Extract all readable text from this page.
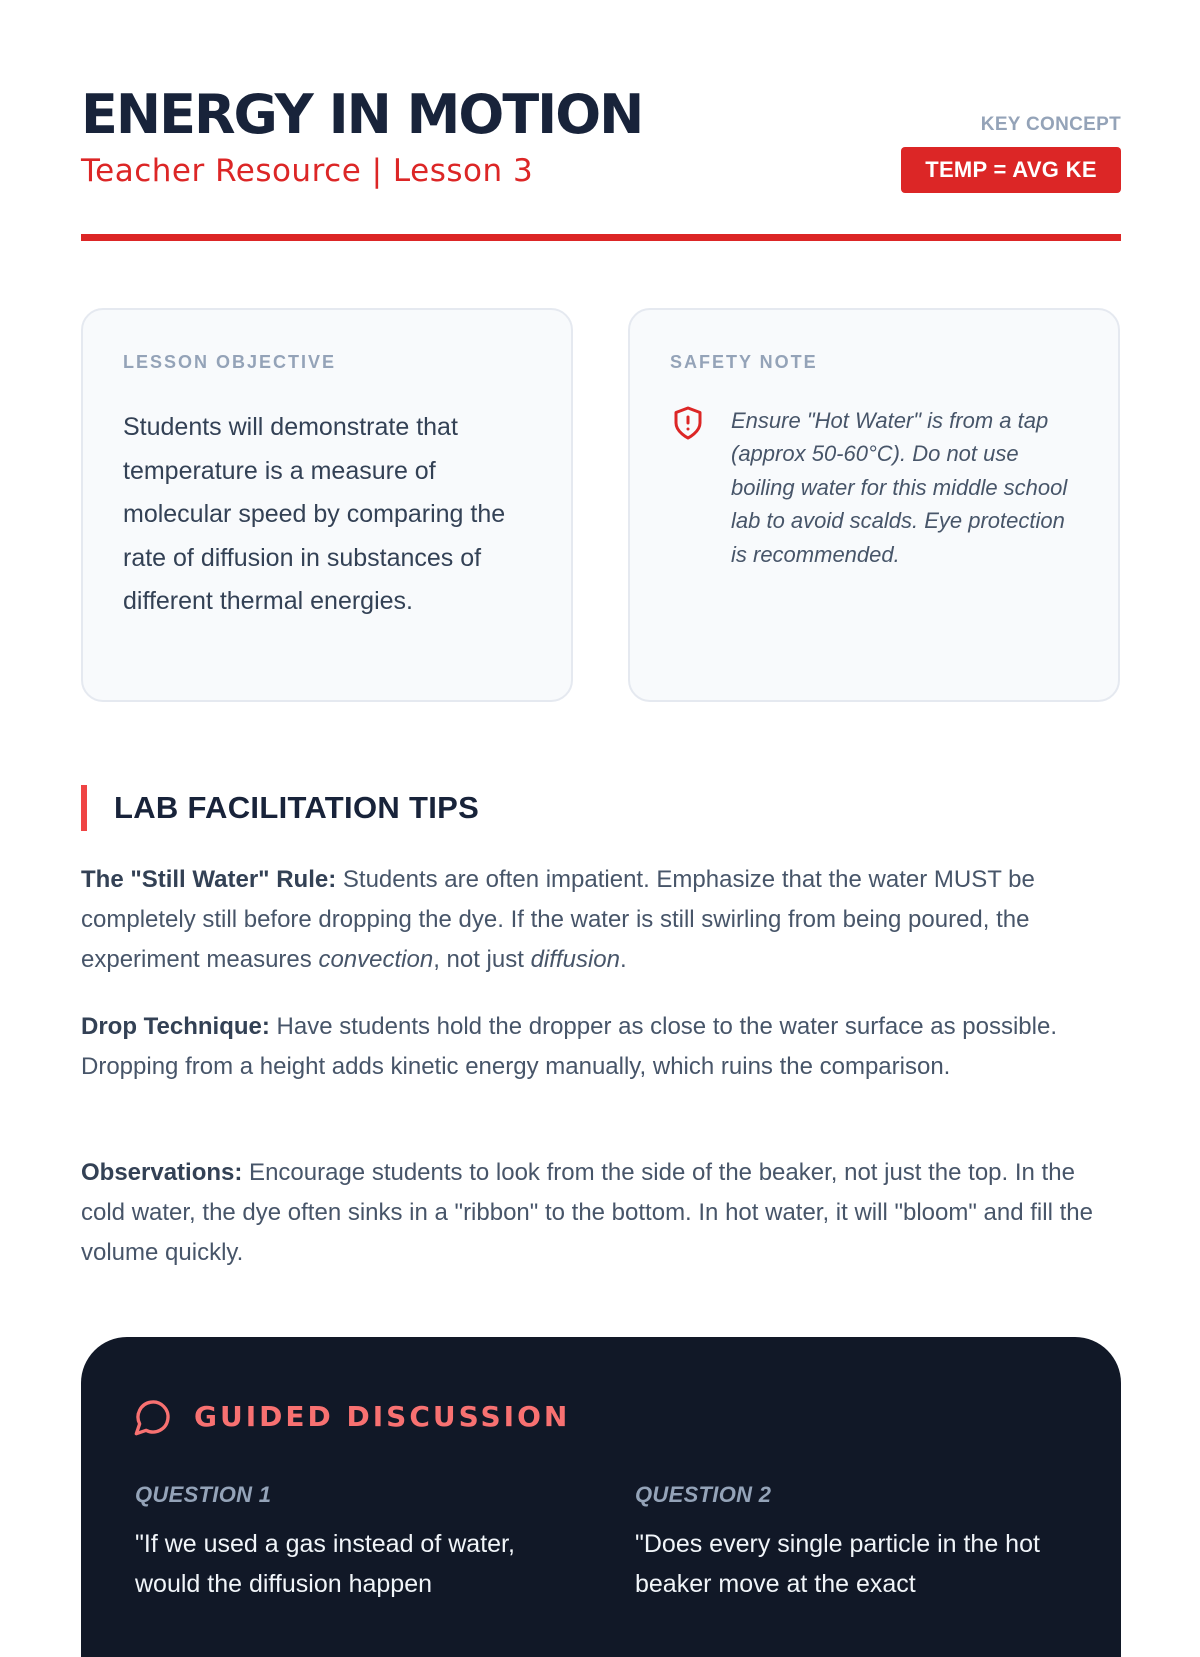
ENERGY IN MOTION
Teacher Resource | Lesson 3
KEY CONCEPT
TEMP = AVG KE
LESSON OBJECTIVE
Students will demonstrate that temperature is a measure of molecular speed by comparing the rate of diffusion in substances of different thermal energies.
SAFETY NOTE
Ensure "Hot Water" is from a tap (approx 50-60°C). Do not use boiling water for this middle school lab to avoid scalds. Eye protection is recommended.
LAB FACILITATION TIPS

The "Still Water" Rule: Students are often impatient. Emphasize that the water MUST be completely still before dropping the dye. If the water is still swirling from being poured, the experiment measures convection, not just diffusion.

Drop Technique: Have students hold the dropper as close to the water surface as possible. Dropping from a height adds kinetic energy manually, which ruins the comparison.

Observations: Encourage students to look from the side of the beaker, not just the top. In the cold water, the dye often sinks in a "ribbon" to the bottom. In hot water, it will "bloom" and fill the volume quickly.

GUIDED DISCUSSION
QUESTION 1
"If we used a gas instead of water, would the diffusion happen
QUESTION 2
"Does every single particle in the hot beaker move at the exact
